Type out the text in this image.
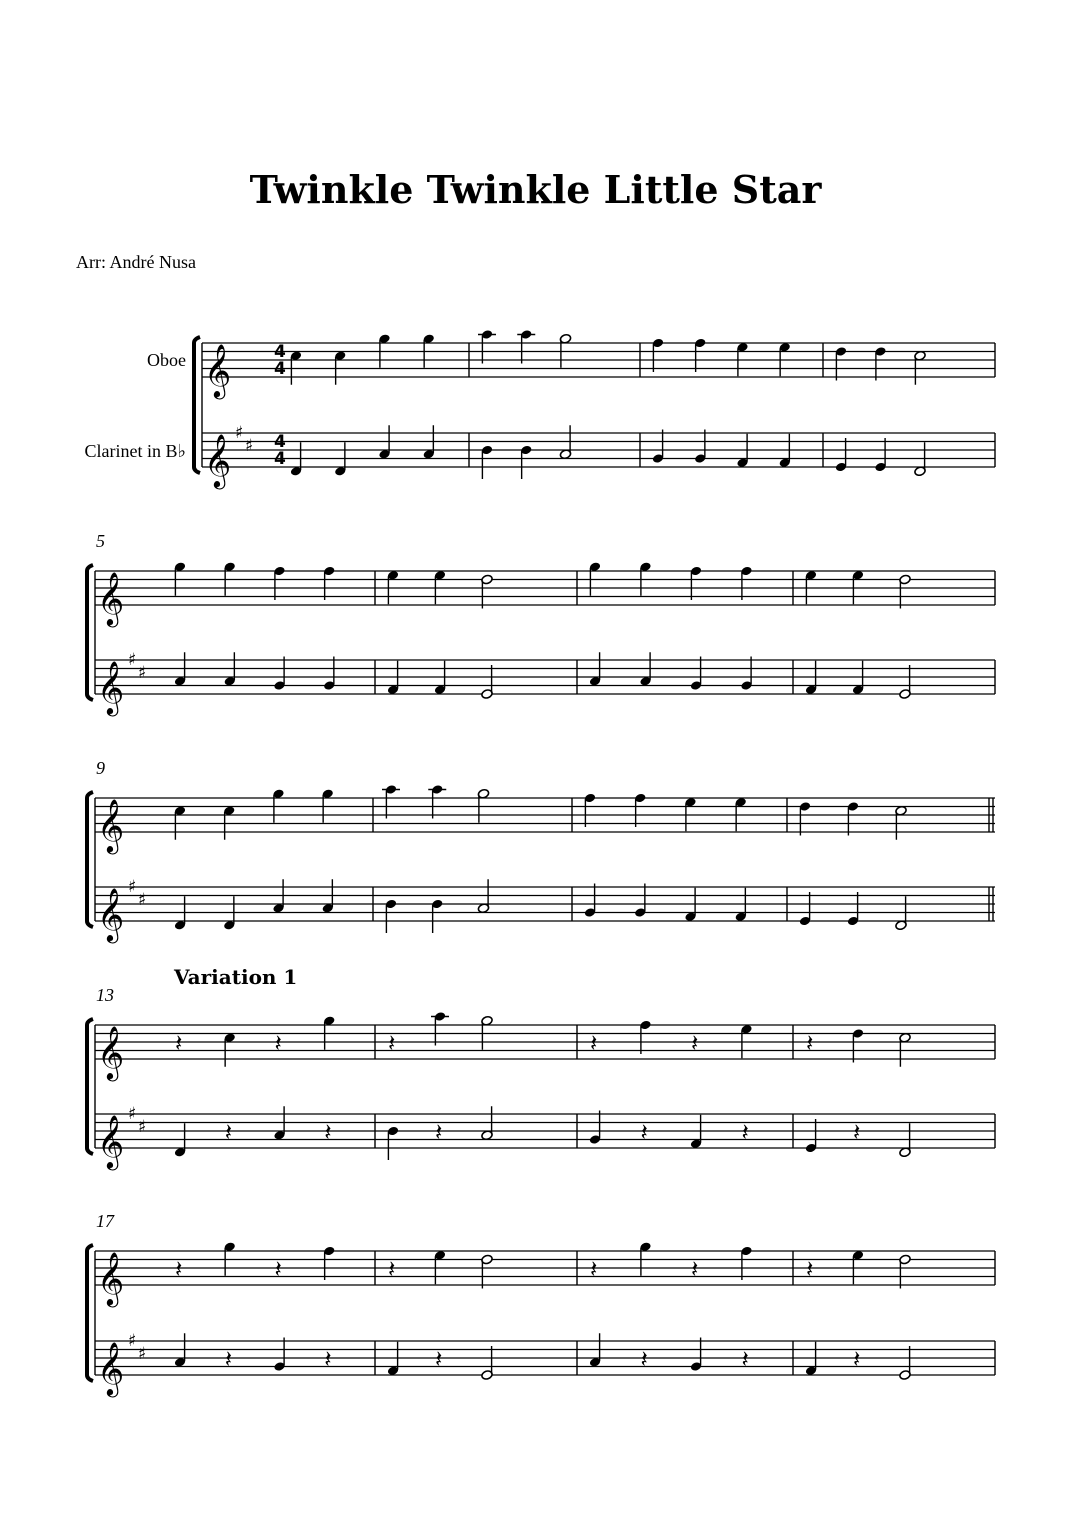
Twinkle Twinkle Little Star
Arr: André Nusa
𝄞
𝄞 ♯
♯
Oboe
Clarinet in B♭
4
4
4
4
𝄞
𝄞 ♯
♯
5
𝄞
𝄞 ♯
♯
9
𝄞
𝄞 ♯
♯
13
Variation 1
𝄽	𝄽
𝄽	𝄽
𝄽
𝄽
𝄽	𝄽
𝄽	𝄽
𝄽
𝄽
𝄞
𝄞 ♯
♯
17
𝄽	𝄽
𝄽	𝄽
𝄽
𝄽
𝄽	𝄽
𝄽	𝄽
𝄽
𝄽
